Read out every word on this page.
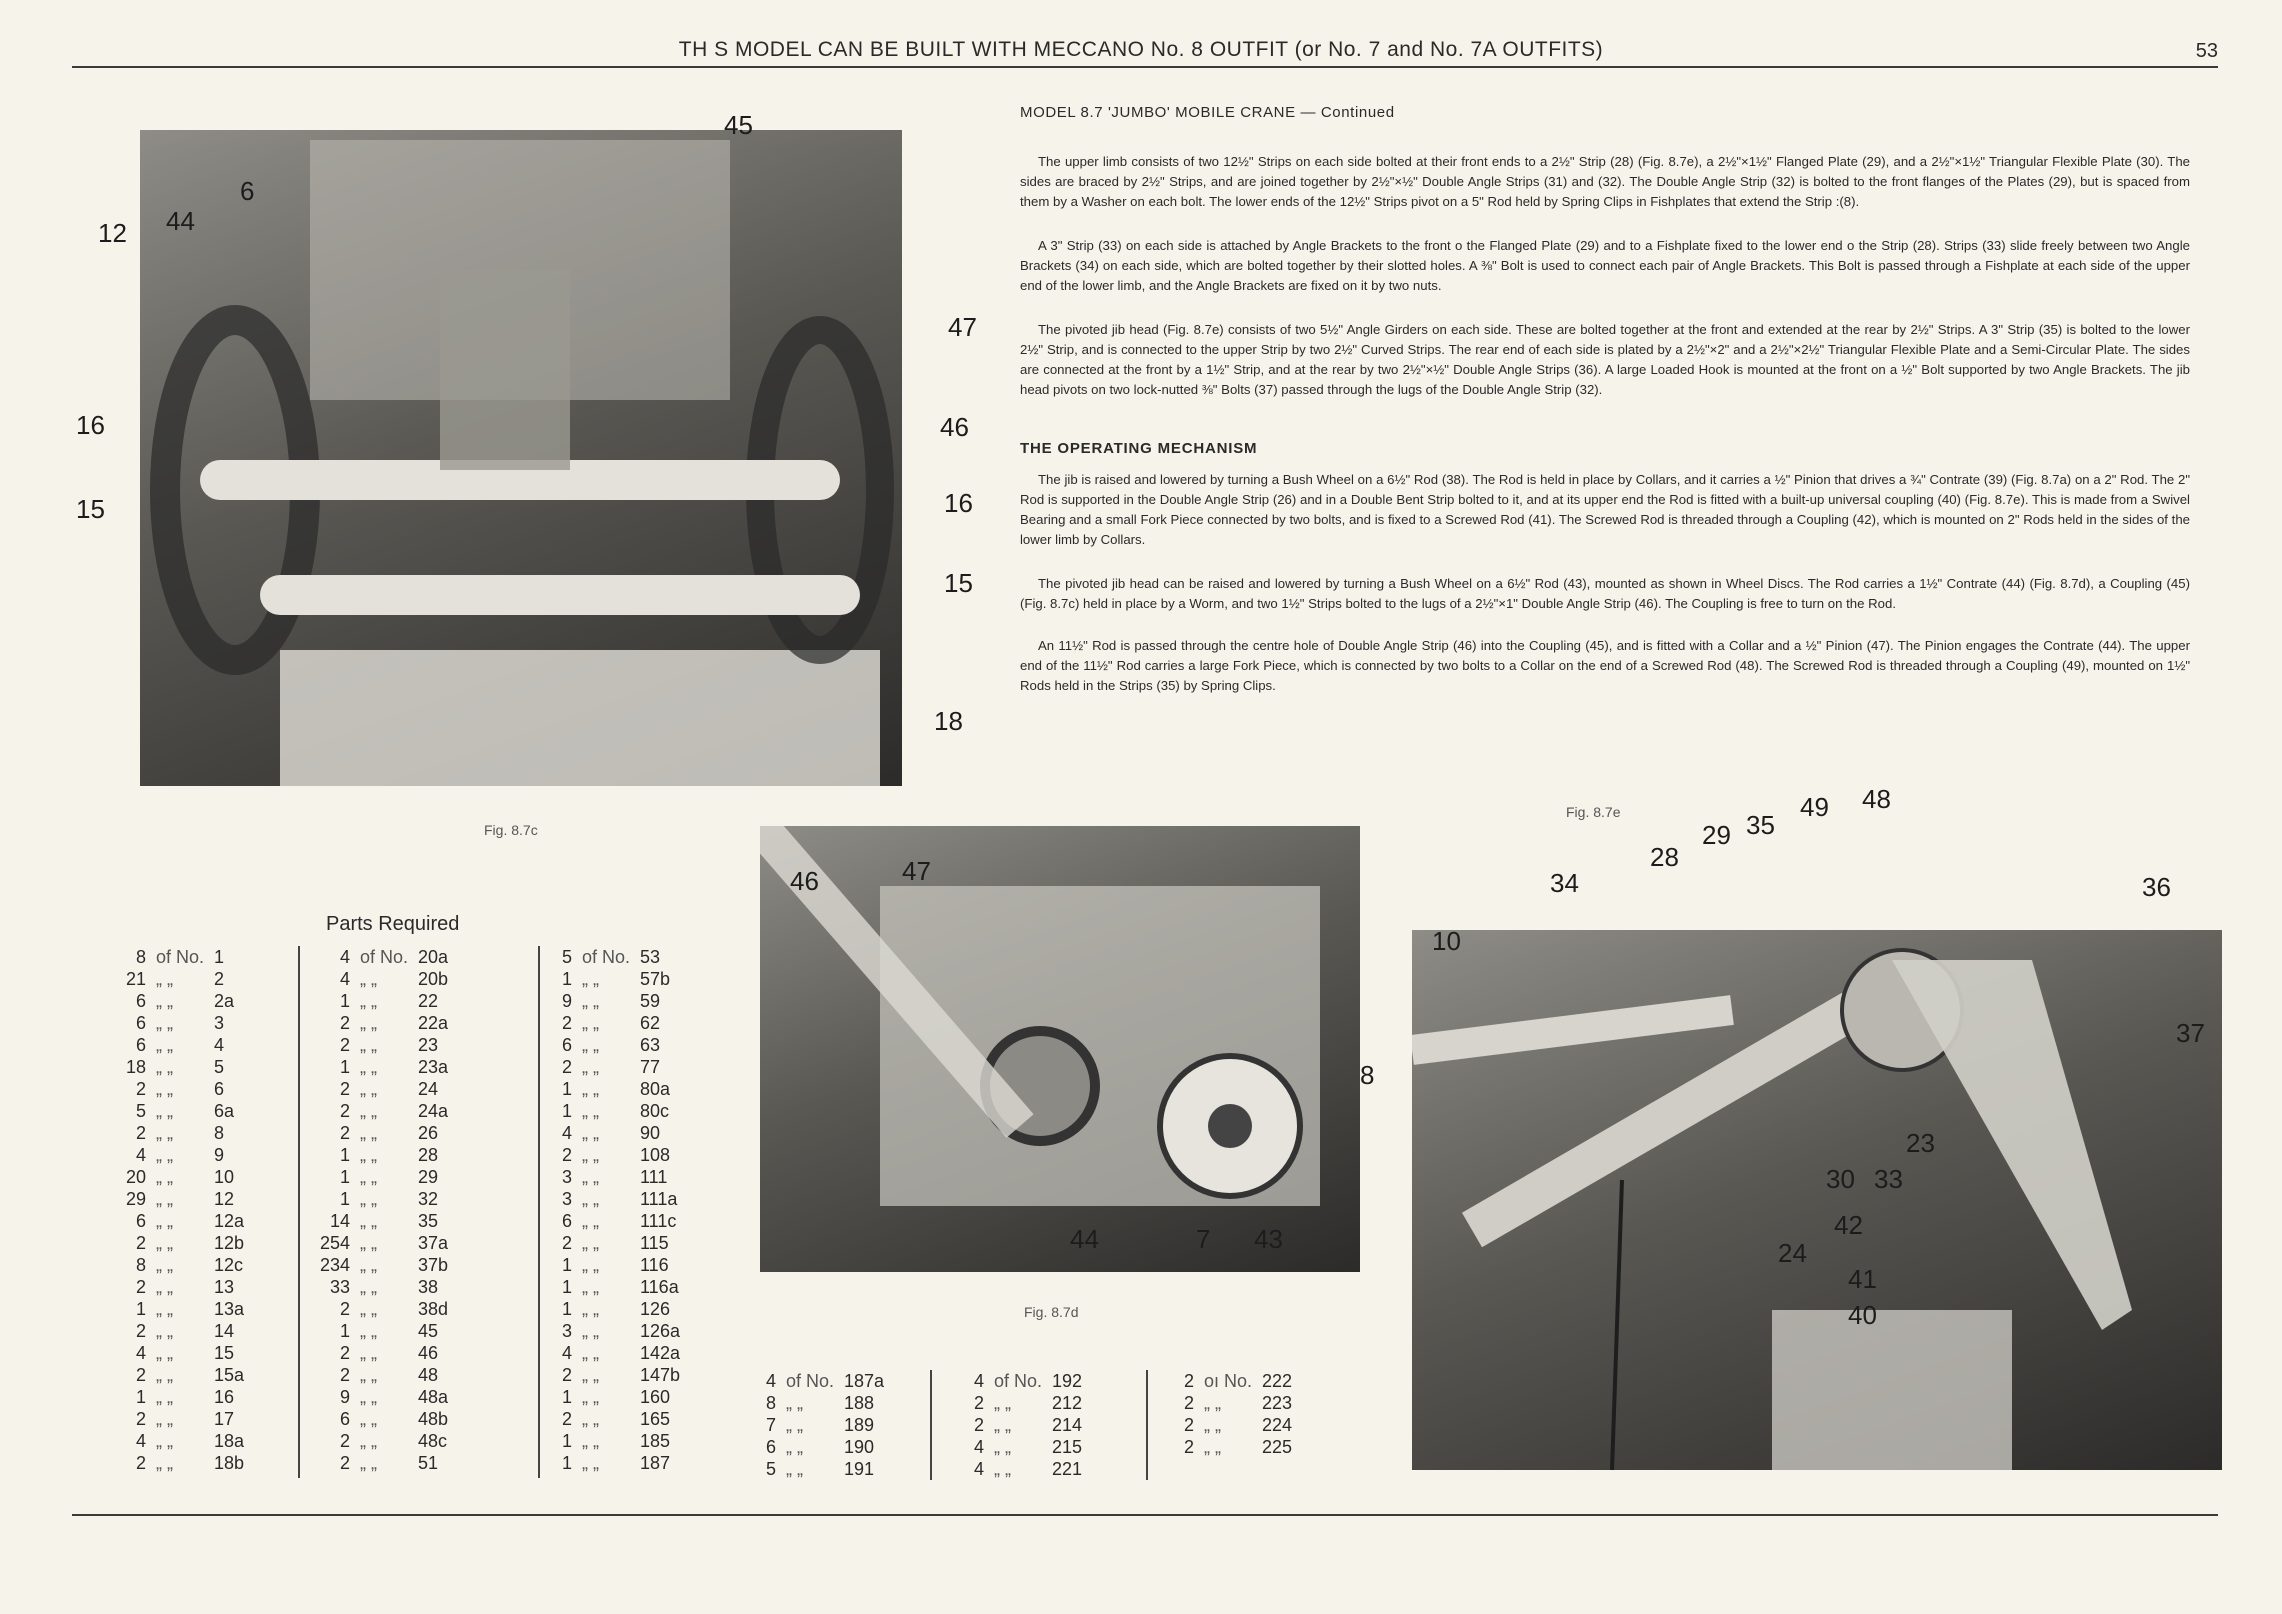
TH S MODEL CAN BE BUILT WITH MECCANO No. 8 OUTFIT (or No. 7 and No. 7A OUTFITS)	53
Fig. 8.7c
45
6
44
12
47
46
16
16
15
15
18
MODEL 8.7 'JUMBO' MOBILE CRANE — Continued

The upper limb consists of two 12½" Strips on each side bolted at their front ends to a 2½" Strip (28) (Fig. 8.7e), a 2½"×1½" Flanged Plate (29), and a 2½"×1½" Triangular Flexible Plate (30). The sides are braced by 2½" Strips, and are joined together by 2½"×½" Double Angle Strips (31) and (32). The Double Angle Strip (32) is bolted to the front flanges of the Plates (29), but is spaced from them by a Washer on each bolt. The lower ends of the 12½" Strips pivot on a 5" Rod held by Spring Clips in Fishplates that extend the Strip :(8).

A 3" Strip (33) on each side is attached by Angle Brackets to the front o the Flanged Plate (29) and to a Fishplate fixed to the lower end o the Strip (28). Strips (33) slide freely between two Angle Brackets (34) on each side, which are bolted together by their slotted holes. A ⅜" Bolt is used to connect each pair of Angle Brackets. This Bolt is passed through a Fishplate at each side of the upper end of the lower limb, and the Angle Brackets are fixed on it by two nuts.

The pivoted jib head (Fig. 8.7e) consists of two 5½" Angle Girders on each side. These are bolted together at the front and extended at the rear by 2½" Strips. A 3" Strip (35) is bolted to the lower 2½" Strip, and is connected to the upper Strip by two 2½" Curved Strips. The rear end of each side is plated by a 2½"×2" and a 2½"×2½" Triangular Flexible Plate and a Semi-Circular Plate. The sides are connected at the front by a 1½" Strip, and at the rear by two 2½"×½" Double Angle Strips (36). A large Loaded Hook is mounted at the front on a ½" Bolt supported by two Angle Brackets. The jib head pivots on two lock-nutted ⅜" Bolts (37) passed through the lugs of the Double Angle Strip (32).

THE OPERATING MECHANISM

The jib is raised and lowered by turning a Bush Wheel on a 6½" Rod (38). The Rod is held in place by Collars, and it carries a ½" Pinion that drives a ¾" Contrate (39) (Fig. 8.7a) on a 2" Rod. The 2" Rod is supported in the Double Angle Strip (26) and in a Double Bent Strip bolted to it, and at its upper end the Rod is fitted with a built-up universal coupling (40) (Fig. 8.7e). This is made from a Swivel Bearing and a small Fork Piece connected by two bolts, and is fixed to a Screwed Rod (41). The Screwed Rod is threaded through a Coupling (42), which is mounted on 2" Rods held in the sides of the lower limb by Collars.

The pivoted jib head can be raised and lowered by turning a Bush Wheel on a 6½" Rod (43), mounted as shown in Wheel Discs. The Rod carries a 1½" Contrate (44) (Fig. 8.7d), a Coupling (45) (Fig. 8.7c) held in place by a Worm, and two 1½" Strips bolted to the lugs of a 2½"×1" Double Angle Strip (46). The Coupling is free to turn on the Rod.

An 11½" Rod is passed through the centre hole of Double Angle Strip (46) into the Coupling (45), and is fitted with a Collar and a ½" Pinion (47). The Pinion engages the Contrate (44). The upper end of the 11½" Rod carries a large Fork Piece, which is connected by two bolts to a Collar on the end of a Screwed Rod (48). The Screwed Rod is threaded through a Coupling (49), mounted on 1½" Rods held in the Strips (35) by Spring Clips.

Fig. 8.7d
46	47
8
44	7 43
Fig. 8.7e	49 48
29 35
28
34	36
10
37
23
30 33
42
24
41
40
Parts Required
8 of No. 1
21 „ „	2
6 „ „	2a
6 „ „	3
6 „ „	4
18 „ „	5
2 „ „	6
5 „ „	6a
2 „ „	8
4 „ „	9
20 „ „	10
29 „ „	12
6 „ „	12a
2 „ „	12b
8 „ „	12c
2 „ „	13
1 „ „	13a
2 „ „	14
4 „ „	15
2 „ „	15a
1 „ „	16
2 „ „	17
4 „ „	18a
2 „ „	18b
4 of No. 20a
4 „ „	20b
1 „ „	22
2 „ „	22a
2 „ „	23
1 „ „	23a
2 „ „	24
2 „ „	24a
2 „ „	26
1 „ „	28
1 „ „	29
1 „ „	32
14 „ „	35
254 „ „	37a
234 „ „	37b
33 „ „	38
2 „ „	38d
1 „ „	45
2 „ „	46
2 „ „	48
9 „ „	48a
6 „ „	48b
2 „ „	48c
2 „ „	51
5 of No. 53
1 „ „	57b
9 „ „	59
2 „ „	62
6 „ „	63
2 „ „	77
1 „ „	80a
1 „ „	80c
4 „ „	90
2 „ „	108
3 „ „	111
3 „ „	111a
6 „ „	111c
2 „ „	115
1 „ „	116
1 „ „	116a
1 „ „	126
3 „ „	126a
4 „ „	142a
2 „ „	147b
1 „ „	160
2 „ „	165
1 „ „	185
1 „ „	187
4 of No. 187a
8 „ „	188
7 „ „	189
6 „ „	190
5 „ „	191
4 of No. 192
2 „ „	212
2 „ „	214
4 „ „	215
4 „ „	221
2 oı No. 222
2 „ „	223
2 „ „	224
2 „ „	225
